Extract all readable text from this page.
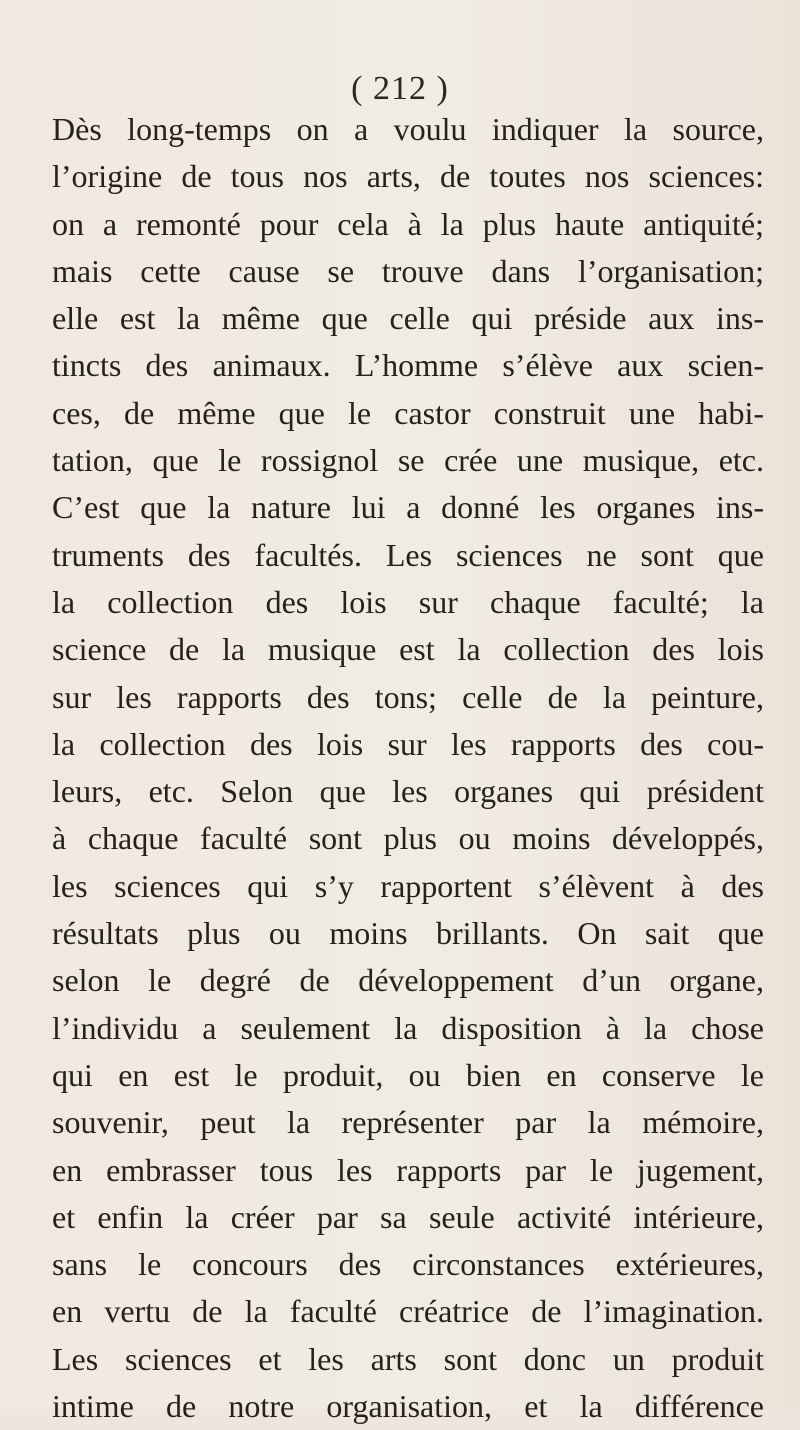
( 212 )
Dès long-temps on a voulu indiquer la source,
l’origine de tous nos arts, de toutes nos sciences:
on a remonté pour cela à la plus haute antiquité;
mais cette cause se trouve dans l’organisation;
elle est la même que celle qui préside aux ins-
tincts des animaux. L’homme s’élève aux scien-
ces, de même que le castor construit une habi-
tation, que le rossignol se crée une musique, etc.
C’est que la nature lui a donné les organes ins-
truments des facultés. Les sciences ne sont que
la collection des lois sur chaque faculté; la
science de la musique est la collection des lois
sur les rapports des tons; celle de la peinture,
la collection des lois sur les rapports des cou-
leurs, etc. Selon que les organes qui président
à chaque faculté sont plus ou moins développés,
les sciences qui s’y rapportent s’élèvent à des
résultats plus ou moins brillants. On sait que
selon le degré de développement d’un organe,
l’individu a seulement la disposition à la chose
qui en est le produit, ou bien en conserve le
souvenir, peut la représenter par la mémoire,
en embrasser tous les rapports par le jugement,
et enfin la créer par sa seule activité intérieure,
sans le concours des circonstances extérieures,
en vertu de la faculté créatrice de l’imagination.
Les sciences et les arts sont donc un produit
intime de notre organisation, et la différence
